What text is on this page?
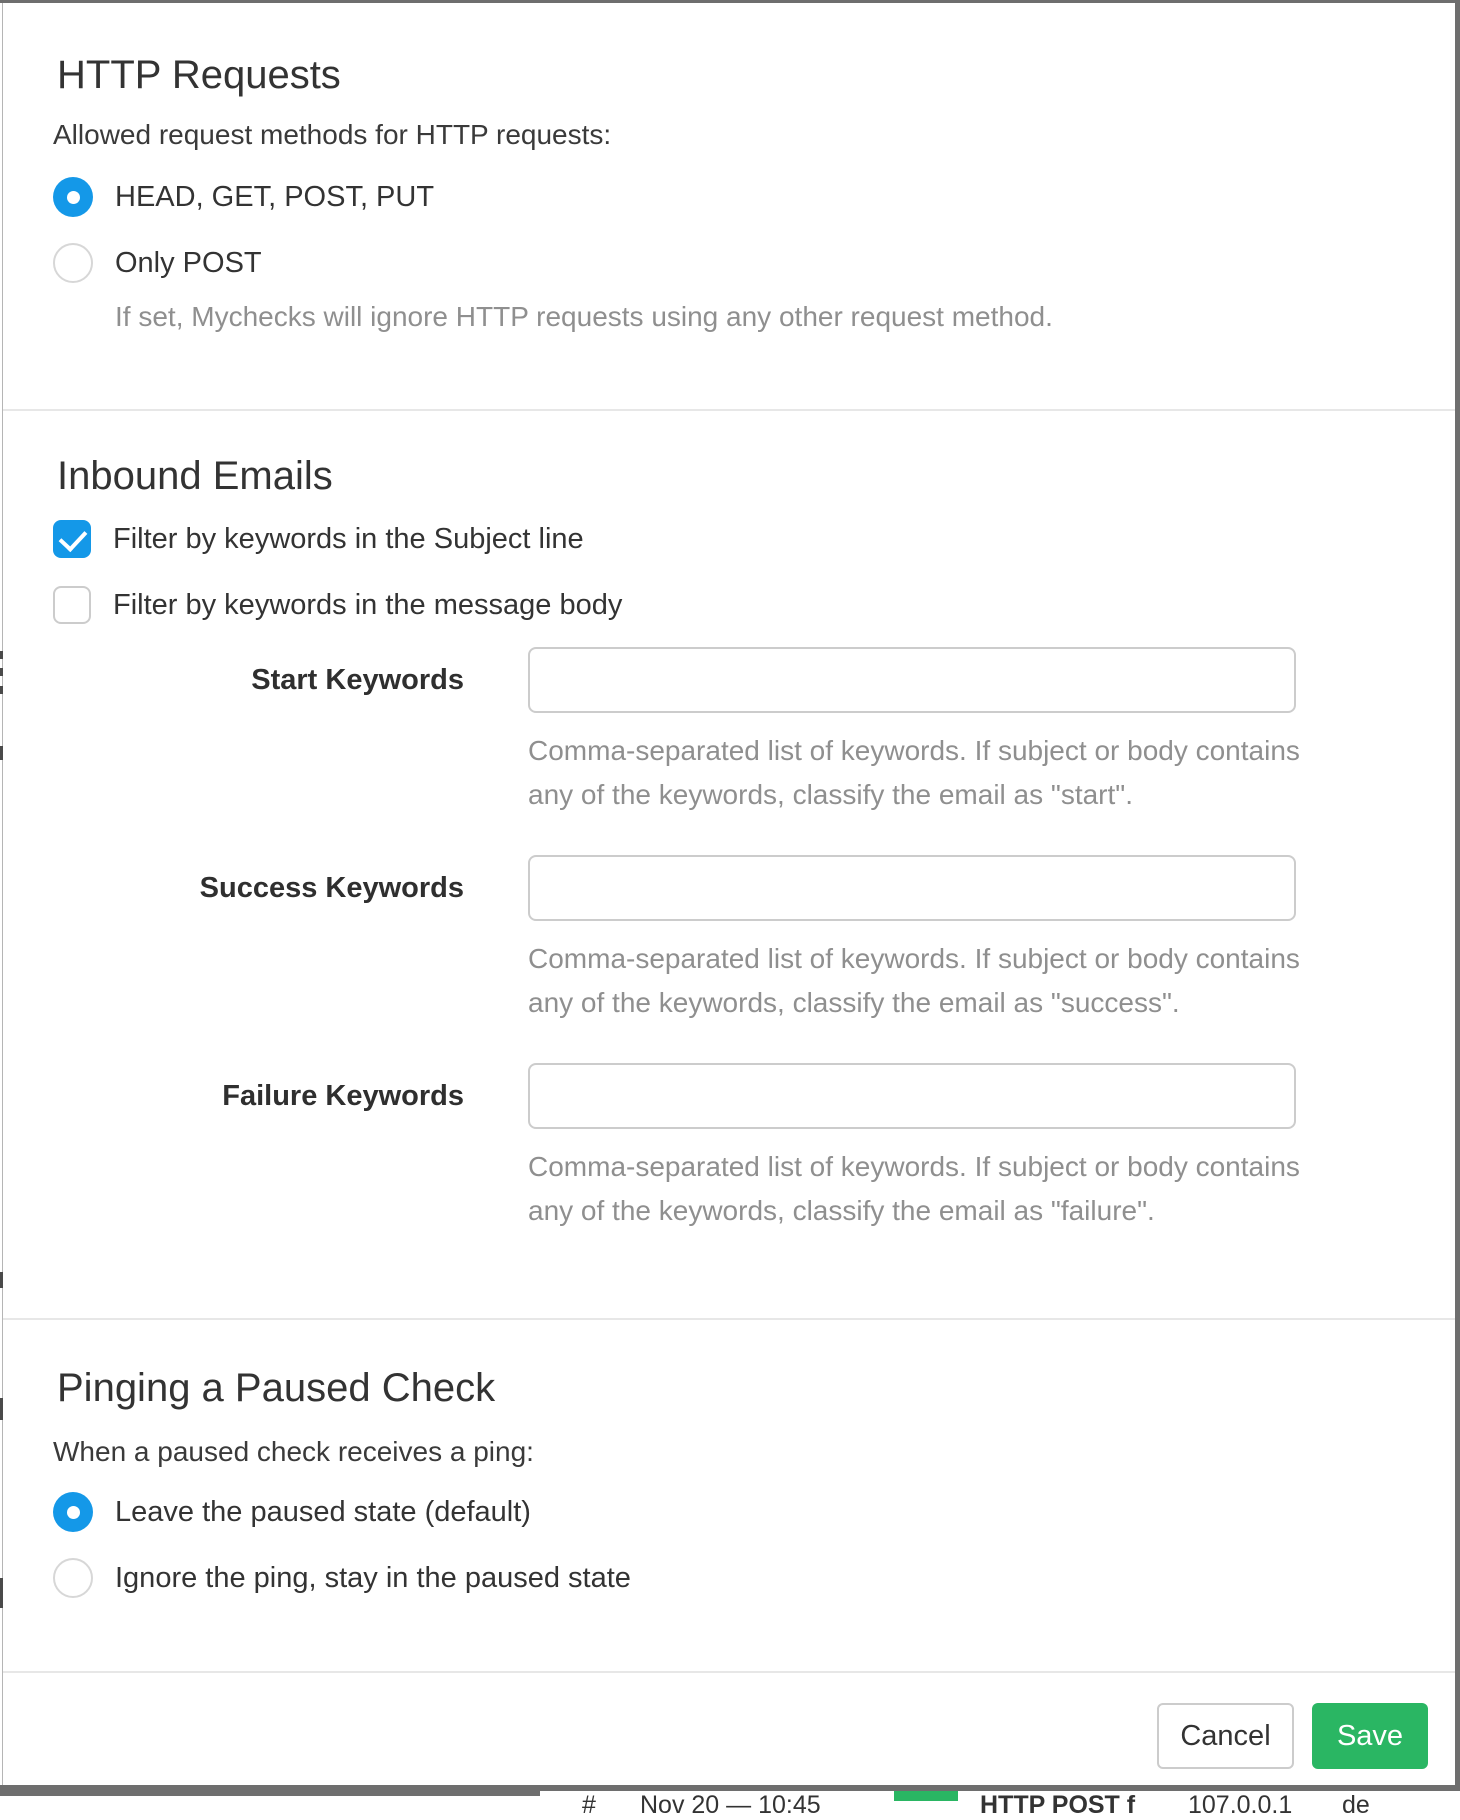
HTTP Requests

Allowed request methods for HTTP requests:

HEAD, GET, POST, PUT
Only POST

If set, Mychecks will ignore HTTP requests using any other request method.

Inbound Emails
Filter by keywords in the Subject line
Filter by keywords in the message body
Start Keywords
Comma-separated list of keywords. If subject or body contains any of the keywords, classify the email as "start".
Success Keywords
Comma-separated list of keywords. If subject or body contains any of the keywords, classify the email as "success".
Failure Keywords
Comma-separated list of keywords. If subject or body contains any of the keywords, classify the email as "failure".
Pinging a Paused Check

When a paused check receives a ping:

Leave the paused state (default)
Ignore the ping, stay in the paused state
Cancel	Save
# Nov 20 — 10:45	HTTP POST f 107.0.0.1 de
